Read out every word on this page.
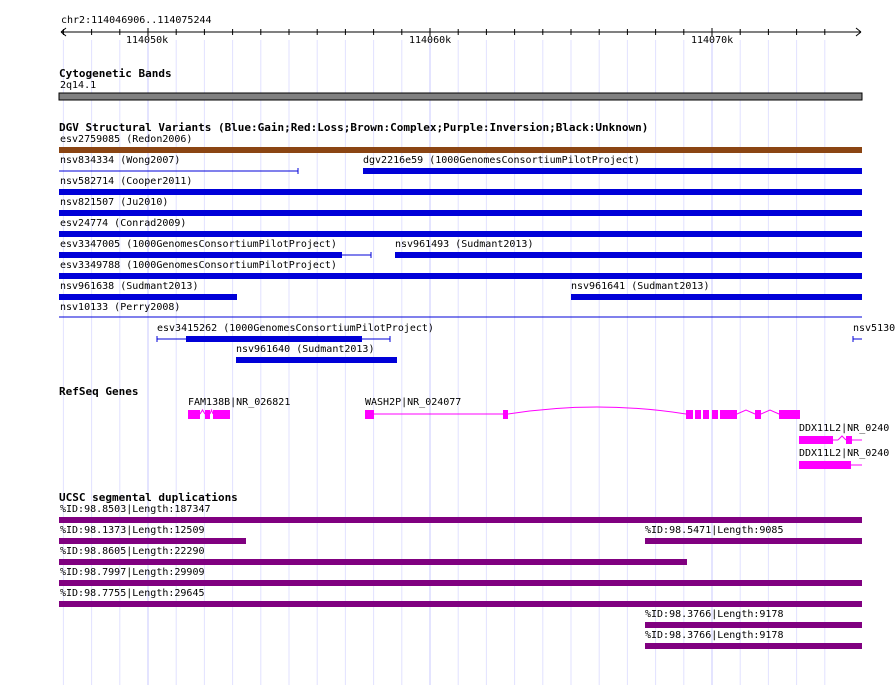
chr2:114046906..114075244
114050k	114060k	114070k
Cytogenetic Bands
2q14.1
DGV Structural Variants (Blue:Gain;Red:Loss;Brown:Complex;Purple:Inversion;Black:Unknown)
esv2759085 (Redon2006)
nsv834334 (Wong2007)	dgv2216e59 (1000GenomesConsortiumPilotProject)
nsv582714 (Cooper2011)
nsv821507 (Ju2010)
esv24774 (Conrad2009)
esv3347005 (1000GenomesConsortiumPilotProject)	nsv961493 (Sudmant2013)
esv3349788 (1000GenomesConsortiumPilotProject)
nsv961638 (Sudmant2013)	nsv961641 (Sudmant2013)
nsv10133 (Perry2008)
esv3415262 (1000GenomesConsortiumPilotProject)	nsv5130
nsv961640 (Sudmant2013)
RefSeq Genes
FAM138B|NR_026821	WASH2P|NR_024077
DDX11L2|NR_0240
DDX11L2|NR_0240
UCSC segmental duplications
%ID:98.8503|Length:187347
%ID:98.1373|Length:12509	%ID:98.5471|Length:9085
%ID:98.8605|Length:22290
%ID:98.7997|Length:29909
%ID:98.7755|Length:29645
%ID:98.3766|Length:9178
%ID:98.3766|Length:9178
